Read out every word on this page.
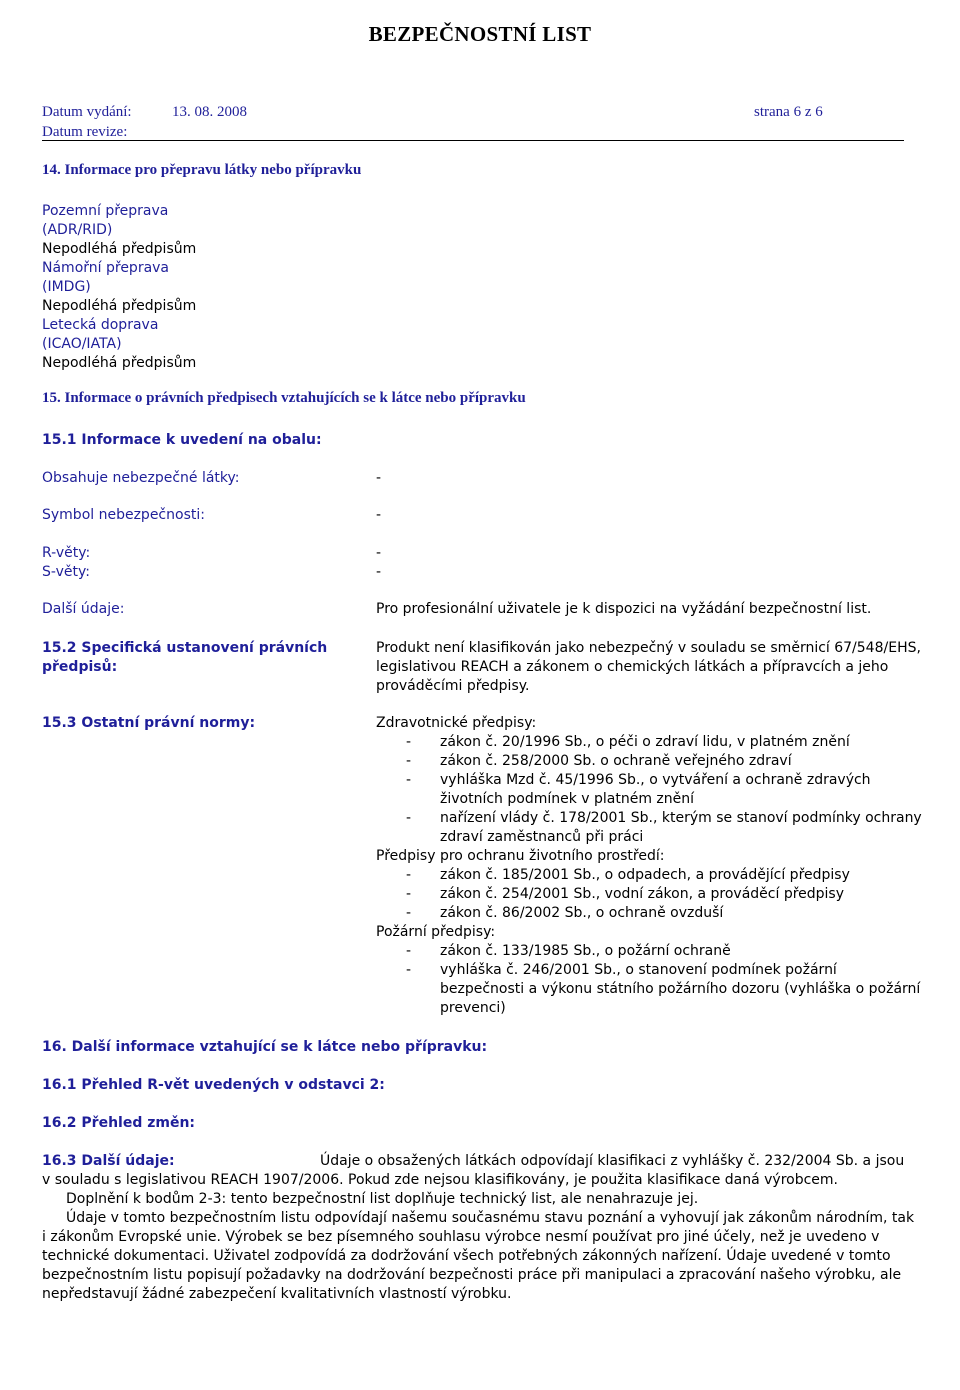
BEZPEČNOSTNÍ LIST
Datum vydání:	13. 08. 2008	strana 6 z 6
Datum revize:
14. Informace pro přepravu látky nebo přípravku
Pozemní přeprava
(ADR/RID)
Nepodléhá předpisům
Námořní přeprava
(IMDG)
Nepodléhá předpisům
Letecká doprava
(ICAO/IATA)
Nepodléhá předpisům
15. Informace o právních předpisech vztahujících se k látce nebo přípravku
15.1 Informace k uvedení na obalu:
Obsahuje nebezpečné látky:	-
Symbol nebezpečnosti:	-
R-věty:	-
S-věty:	-
Další údaje:	Pro profesionální uživatele je k dispozici na vyžádání bezpečnostní list.
15.2 Specifická ustanovení právních
předpisů:
Produkt není klasifikován jako nebezpečný v souladu se směrnicí 67/548/EHS,
legislativou REACH a zákonem o chemických látkách a přípravcích a jeho
prováděcími předpisy.
15.3 Ostatní právní normy:	Zdravotnické předpisy:
- zákon č. 20/1996 Sb., o péči o zdraví lidu, v platném znění
- zákon č. 258/2000 Sb. o ochraně veřejného zdraví
- vyhláška Mzd č. 45/1996 Sb., o vytváření a ochraně zdravých
životních podmínek v platném znění
- nařízení vlády č. 178/2001 Sb., kterým se stanoví podmínky ochrany
zdraví zaměstnanců při práci
Předpisy pro ochranu životního prostředí:
- zákon č. 185/2001 Sb., o odpadech, a provádějící předpisy
- zákon č. 254/2001 Sb., vodní zákon, a prováděcí předpisy
- zákon č. 86/2002 Sb., o ochraně ovzduší
Požární předpisy:
- zákon č. 133/1985 Sb., o požární ochraně
- vyhláška č. 246/2001 Sb., o stanovení podmínek požární
bezpečnosti a výkonu státního požárního dozoru (vyhláška o požární
prevenci)
16. Další informace vztahující se k látce nebo přípravku:
16.1 Přehled R-vět uvedených v odstavci 2:
16.2 Přehled změn:
16.3 Další údaje:	Údaje o obsažených látkách odpovídají klasifikaci z vyhlášky č. 232/2004 Sb. a jsou
v souladu s legislativou REACH 1907/2006. Pokud zde nejsou klasifikovány, je použita klasifikace daná výrobcem.
Doplnění k bodům 2-3: tento bezpečnostní list doplňuje technický list, ale nenahrazuje jej.
Údaje v tomto bezpečnostním listu odpovídají našemu současnému stavu poznání a vyhovují jak zákonům národním, tak i zákonům Evropské unie. Výrobek se bez písemného souhlasu výrobce nesmí používat pro jiné účely, než je uvedeno v technické dokumentaci. Uživatel zodpovídá za dodržování všech potřebných zákonných nařízení. Údaje uvedené v tomto bezpečnostním listu popisují požadavky na dodržování bezpečnosti práce při manipulaci a zpracování našeho výrobku, ale nepředstavují žádné zabezpečení kvalitativních vlastností výrobku.
